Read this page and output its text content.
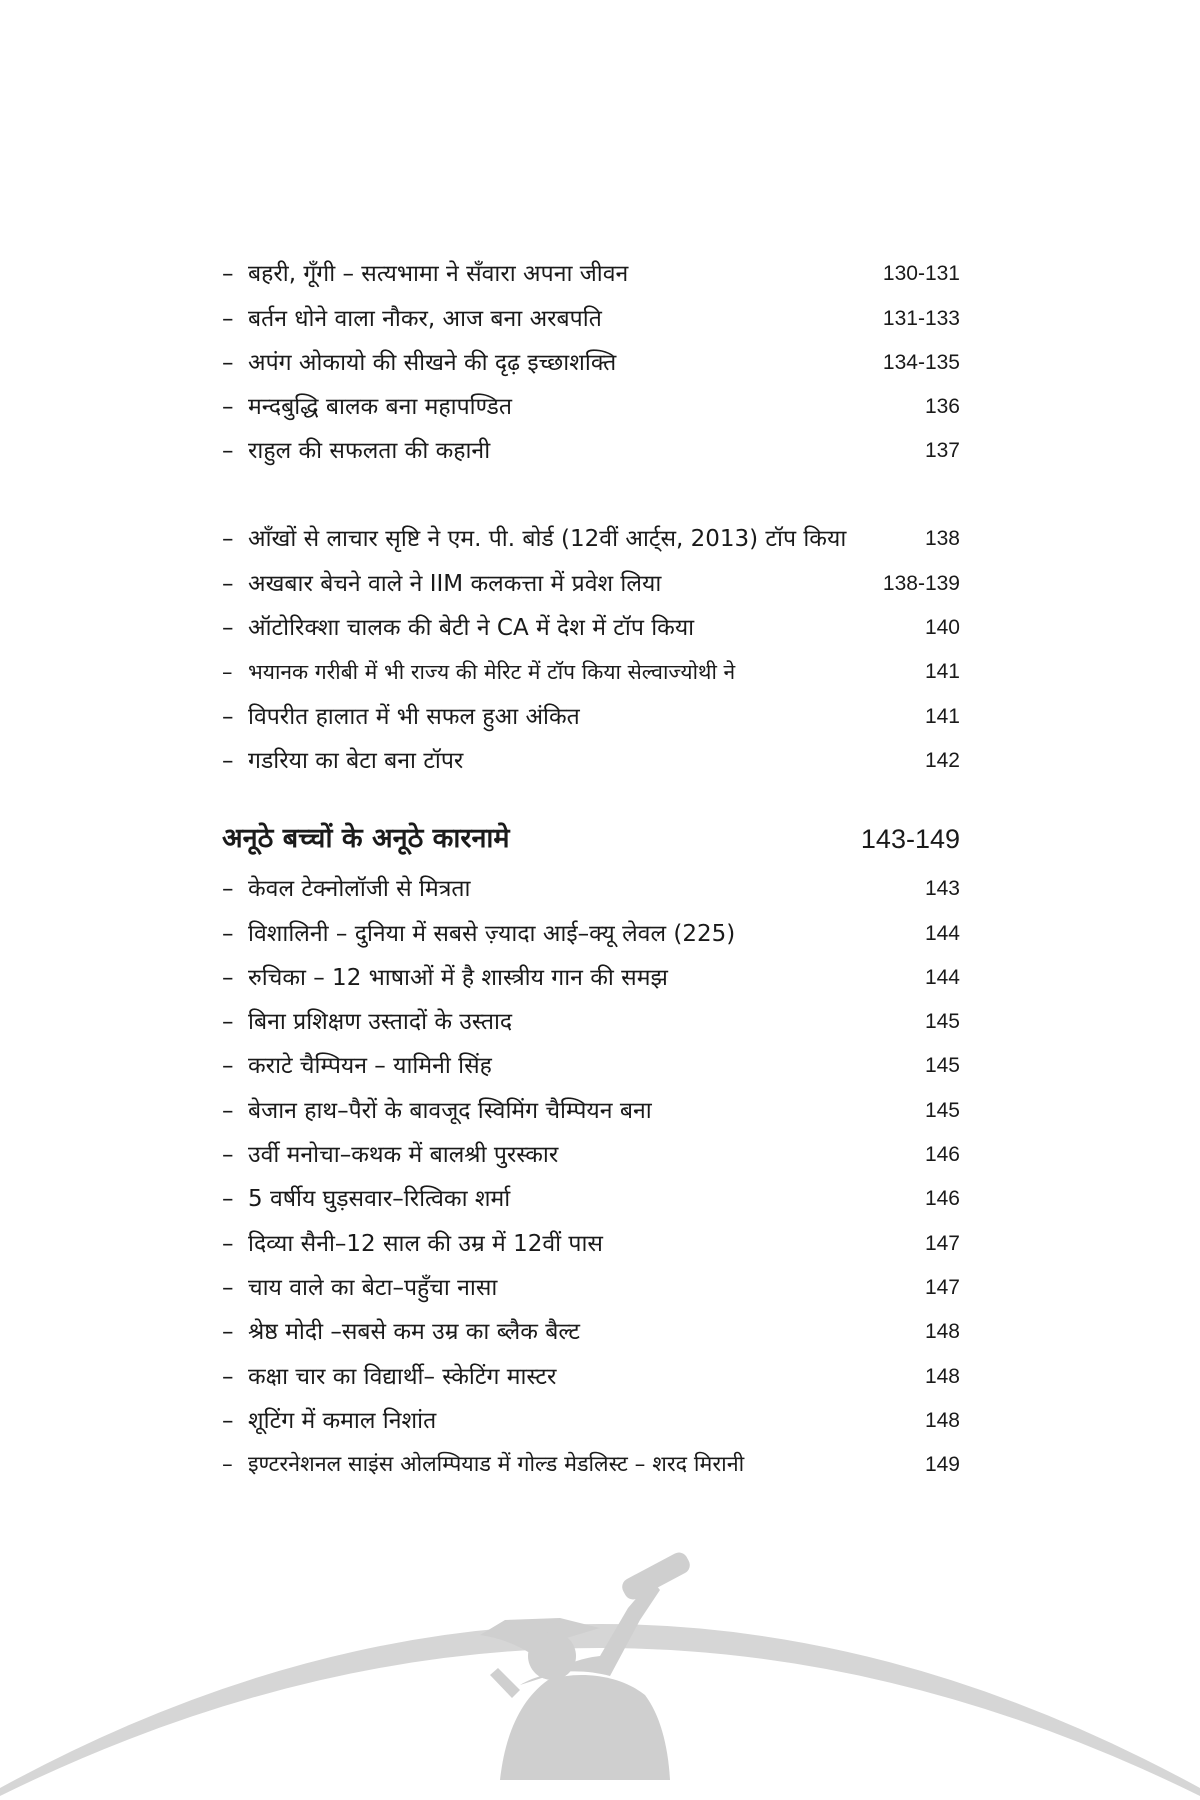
– बहरी, गूँगी – सत्यभामा ने सँवारा अपना जीवन	130-131
– बर्तन धोने वाला नौकर, आज बना अरबपति	131-133
– अपंग ओकायो की सीखने की दृढ़ इच्छाशक्ति	134-135
– मन्दबुद्धि बालक बना महापण्डित	136
– राहुल की सफलता की कहानी	137
– आँखों से लाचार सृष्टि ने एम. पी. बोर्ड (12वीं आर्ट्स, 2013) टॉप किया	138
– अखबार बेचने वाले ने IIM कलकत्ता में प्रवेश लिया	138-139
– ऑटोरिक्शा चालक की बेटी ने CA में देश में टॉप किया	140
– भयानक गरीबी में भी राज्य की मेरिट में टॉप किया सेल्वाज्योथी ने	141
– विपरीत हालात में भी सफल हुआ अंकित	141
– गडरिया का बेटा बना टॉपर	142
अनूठे बच्चों के अनूठे कारनामे	143-149
– केवल टेक्नोलॉजी से मित्रता	143
– विशालिनी – दुनिया में सबसे ज़्यादा आई–क्यू लेवल (225)	144
– रुचिका – 12 भाषाओं में है शास्त्रीय गान की समझ	144
– बिना प्रशिक्षण उस्तादों के उस्ताद	145
– कराटे चैम्पियन – यामिनी सिंह	145
– बेजान हाथ–पैरों के बावजूद स्विमिंग चैम्पियन बना	145
– उर्वी मनोचा–कथक में बालश्री पुरस्कार	146
– 5 वर्षीय घुड़सवार–रित्विका शर्मा	146
– दिव्या सैनी–12 साल की उम्र में 12वीं पास	147
– चाय वाले का बेटा–पहुँचा नासा	147
– श्रेष्ठ मोदी –सबसे कम उम्र का ब्लैक बैल्ट	148
– कक्षा चार का विद्यार्थी– स्केटिंग मास्टर	148
– शूटिंग में कमाल निशांत	148
– इण्टरनेशनल साइंस ओलम्पियाड में गोल्ड मेडलिस्ट – शरद मिरानी	149
